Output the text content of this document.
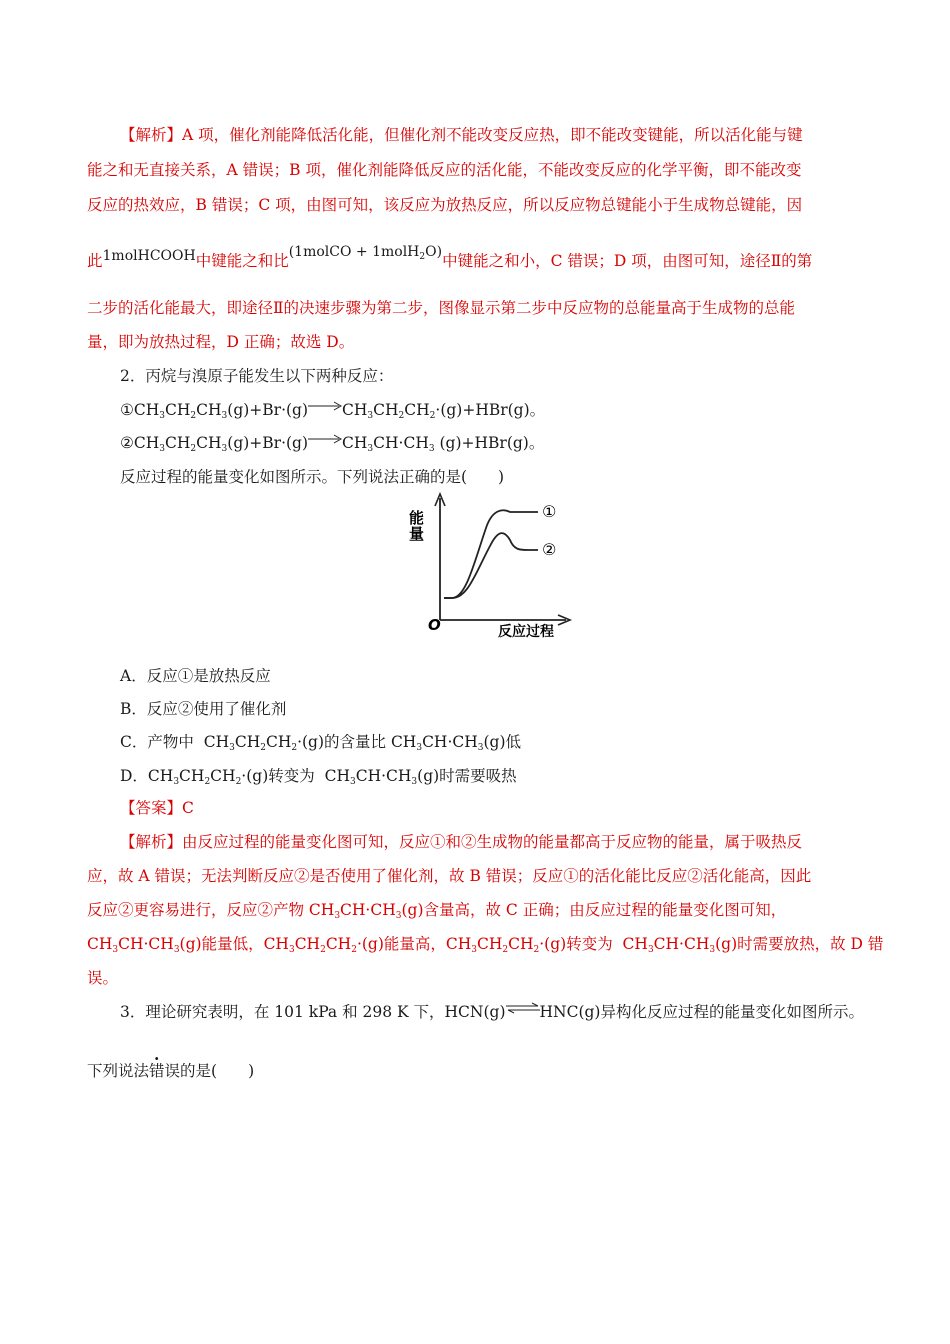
【解析】A 项，催化剂能降低活化能，但催化剂不能改变反应热，即不能改变键能，所以活化能与键
能之和无直接关系，A 错误；B 项，催化剂能降低反应的活化能，不能改变反应的化学平衡，即不能改变
反应的热效应，B 错误；C 项，由图可知，该反应为放热反应，所以反应物总键能小于生成物总键能，因
此1molHCOOH中键能之和比(1molCO + 1molH$_2$O)中键能之和小，C 错误；D 项，由图可知，途径Ⅱ的第
二步的活化能最大，即途径Ⅱ的决速步骤为第二步，图像显示第二步中反应物的总能量高于生成物的总能
量，即为放热过程，D 正确；故选 D。
2．丙烷与溴原子能发生以下两种反应：
$①CH_3CH_2CH_3(g)+Br\cdot(g)$ $CH_3CH_2CH_2\cdot(g)+HBr(g)$。
$②CH_3CH_2CH_3(g)+Br\cdot(g)$ $CH_3CH\cdot CH_3$ (g)+HBr(g)。
反应过程的能量变化如图所示。下列说法正确的是(　　)
能量
O	反应过程
①
②
A．反应①是放热反应
B．反应②使用了催化剂
C．产物中  $CH_3CH_2CH_2\cdot(g)$的含量比 $CH_3CH\cdot CH_3(g)$低
D．$CH_3CH_2CH_2\cdot(g)$转变为  $CH_3CH\cdot CH_3(g)$时需要吸热
【答案】C
【解析】由反应过程的能量变化图可知，反应①和②生成物的能量都高于反应物的能量，属于吸热反
应，故 A 错误；无法判断反应②是否使用了催化剂，故 B 错误；反应①的活化能比反应②活化能高，因此
反应②更容易进行，反应②产物 $CH_3CH\cdot CH_3(g)$含量高，故 C 正确；由反应过程的能量变化图可知，
$CH_3CH\cdot CH_3(g)$能量低，$CH_3CH_2CH_2\cdot(g)$能量高，$CH_3CH_2CH_2\cdot(g)$转变为  $CH_3CH\cdot CH_3(g)$时需要放热，故 D 错
误。
3．理论研究表明，在 101 kPa 和 298 K 下，HCN(g)⇌HNC(g)异构化反应过程的能量变化如图所示。
下列说法错误的是(　　)
